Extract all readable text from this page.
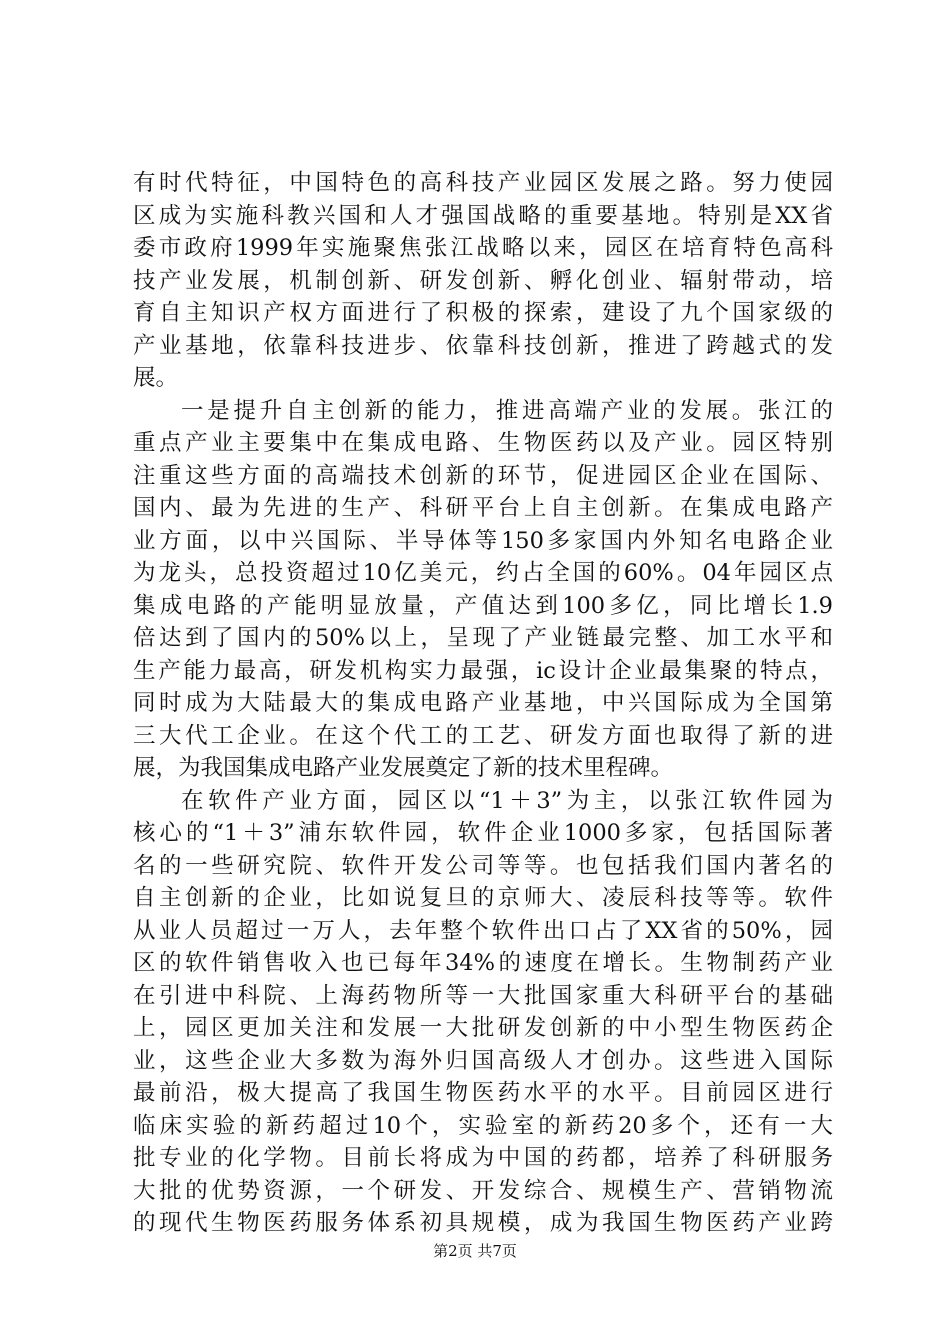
有时代特征，中国特色的高科技产业园区发展之路。努力使园
区成为实施科教兴国和人才强国战略的重要基地。特别是XX省
委市政府1999年实施聚焦张江战略以来，园区在培育特色高科
技产业发展，机制创新、研发创新、孵化创业、辐射带动，培
育自主知识产权方面进行了积极的探索，建设了九个国家级的
产业基地，依靠科技进步、依靠科技创新，推进了跨越式的发
展。
一是提升自主创新的能力，推进高端产业的发展。张江的
重点产业主要集中在集成电路、生物医药以及产业。园区特别
注重这些方面的高端技术创新的环节，促进园区企业在国际、
国内、最为先进的生产、科研平台上自主创新。在集成电路产
业方面，以中兴国际、半导体等150多家国内外知名电路企业
为龙头，总投资超过10亿美元，约占全国的60%。04年园区点
集成电路的产能明显放量，产值达到100多亿，同比增长1.9
倍达到了国内的50%以上，呈现了产业链最完整、加工水平和
生产能力最高，研发机构实力最强，ic设计企业最集聚的特点，
同时成为大陆最大的集成电路产业基地，中兴国际成为全国第
三大代工企业。在这个代工的工艺、研发方面也取得了新的进
展，为我国集成电路产业发展奠定了新的技术里程碑。
在软件产业方面，园区以“1＋3”为主，以张江软件园为
核心的“1＋3”浦东软件园，软件企业1000多家，包括国际著
名的一些研究院、软件开发公司等等。也包括我们国内著名的
自主创新的企业，比如说复旦的京师大、凌辰科技等等。软件
从业人员超过一万人，去年整个软件出口占了XX省的50%，园
区的软件销售收入也已每年34%的速度在增长。生物制药产业
在引进中科院、上海药物所等一大批国家重大科研平台的基础
上，园区更加关注和发展一大批研发创新的中小型生物医药企
业，这些企业大多数为海外归国高级人才创办。这些进入国际
最前沿，极大提高了我国生物医药水平的水平。目前园区进行
临床实验的新药超过10个，实验室的新药20多个，还有一大
批专业的化学物。目前长将成为中国的药都，培养了科研服务
大批的优势资源，一个研发、开发综合、规模生产、营销物流
的现代生物医药服务体系初具规模，成为我国生物医药产业跨
第2页 共7页
